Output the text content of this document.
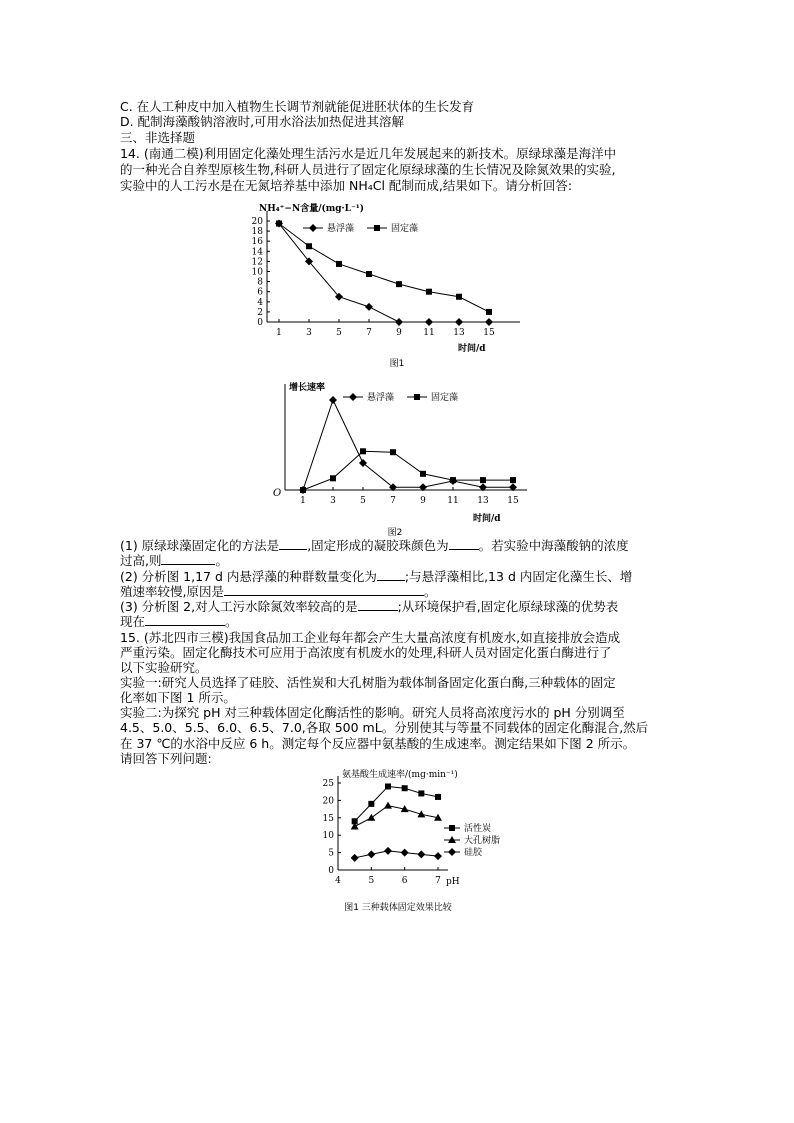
C. 在人工种皮中加入植物生长调节剂就能促进胚状体的生长发育
D. 配制海藻酸钠溶液时,可用水浴法加热促进其溶解
三、非选择题
14. (南通二模)利用固定化藻处理生活污水是近几年发展起来的新技术。原绿球藻是海洋中
的一种光合自养型原核生物,科研人员进行了固定化原绿球藻的生长情况及除氮效果的实验,
实验中的人工污水是在无氮培养基中添加 NH₄Cl 配制而成,结果如下。请分析回答:
1	3	5	7	9 11 13 15
0
2
4
6
8
10
12
14
16
18
20
NH₄⁺−N含量/(mg·L⁻¹)
时间/d
悬浮藻	固定藻
图1
1	3	5	7	9 11 13 15
增长速率
时间/d
O
悬浮藻	固定藻
图2
(1) 原绿球藻固定化的方法是 ,固定形成的凝胶珠颜色为 。若实验中海藻酸钠的浓度
过高,则	。
(2) 分析图 1,17 d 内悬浮藻的种群数量变化为 ;与悬浮藻相比,13 d 内固定化藻生长、增
殖速率较慢,原因是	。
(3) 分析图 2,对人工污水除氮效率较高的是	;从环境保护看,固定化原绿球藻的优势表
现在	。
15. (苏北四市三模)我国食品加工企业每年都会产生大量高浓度有机废水,如直接排放会造成
严重污染。固定化酶技术可应用于高浓度有机废水的处理,科研人员对固定化蛋白酶进行了
以下实验研究。
实验一:研究人员选择了硅胶、活性炭和大孔树脂为载体制备固定化蛋白酶,三种载体的固定
化率如下图 1 所示。
实验二:为探究 pH 对三种载体固定化酶活性的影响。研究人员将高浓度污水的 pH 分别调至
4.5、5.0、5.5、6.0、6.5、7.0,各取 500 mL。分别使其与等量不同载体的固定化酶混合,然后
在 37 ℃的水浴中反应 6 h。测定每个反应器中氨基酸的生成速率。测定结果如下图 2 所示。
请回答下列问题:
4	5	6	7
0
5
10
15
20
25
氨基酸生成速率/(mg·min⁻¹)
pH
图1 三种载体固定效果比较
活性炭
大孔树脂
硅胶
